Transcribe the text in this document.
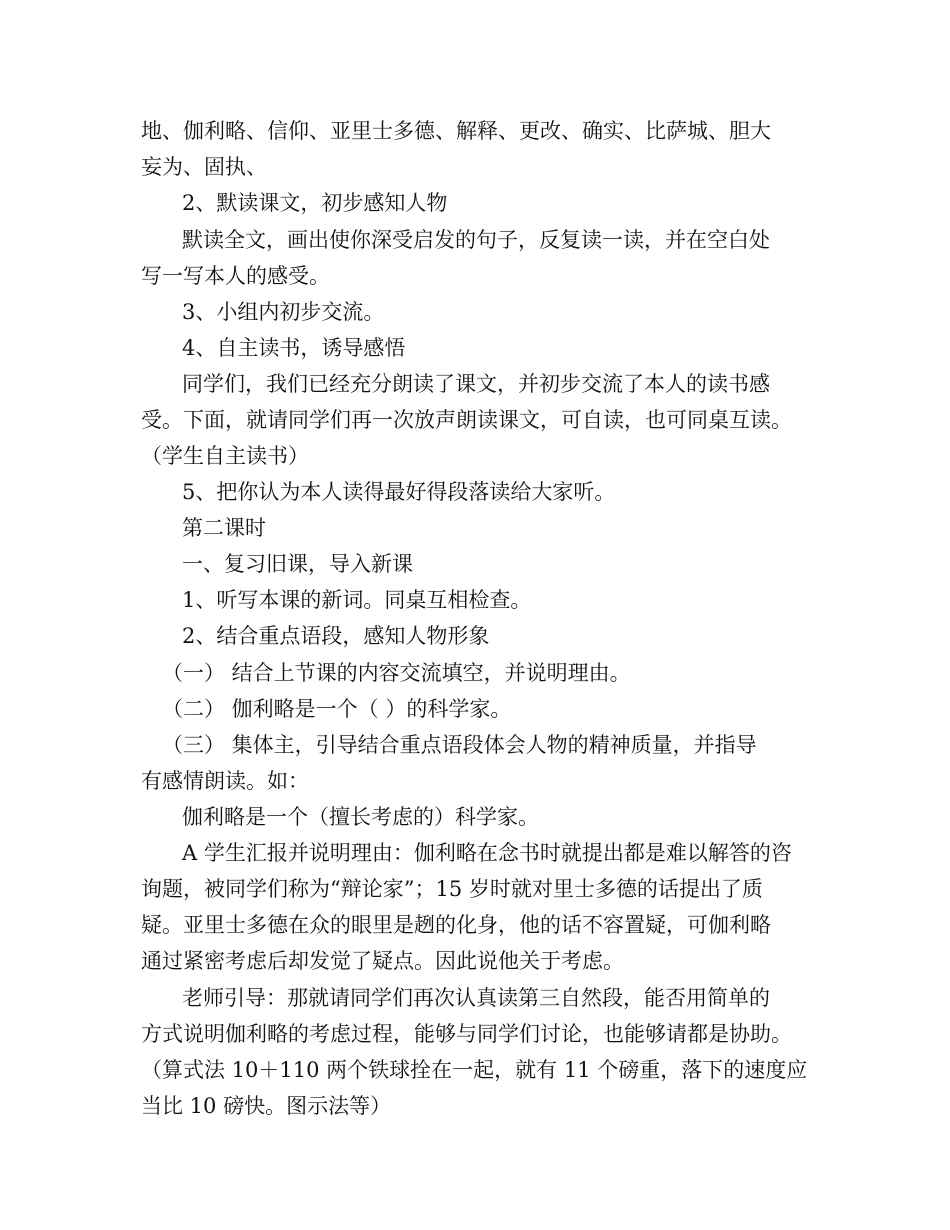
地、伽利略、信仰、亚里士多德、解释、更改、确实、比萨城、胆大
妄为、固执、
2、默读课文，初步感知人物
默读全文，画出使你深受启发的句子，反复读一读，并在空白处
写一写本人的感受。
3、小组内初步交流。
4、自主读书，诱导感悟
同学们，我们已经充分朗读了课文，并初步交流了本人的读书感
受。下面，就请同学们再一次放声朗读课文，可自读，也可同桌互读。
（学生自主读书）
5、把你认为本人读得最好得段落读给大家听。
第二课时
一、复习旧课，导入新课
1、听写本课的新词。同桌互相检查。
2、结合重点语段，感知人物形象
（一） 结合上节课的内容交流填空，并说明理由。
（二） 伽利略是一个（ ）的科学家。
（三） 集体主，引导结合重点语段体会人物的精神质量，并指导
有感情朗读。如：
伽利略是一个（擅长考虑的）科学家。
A 学生汇报并说明理由：伽利略在念书时就提出都是难以解答的咨
询题，被同学们称为“辩论家”；15 岁时就对里士多德的话提出了质
疑。亚里士多德在众的眼里是趔的化身，他的话不容置疑，可伽利略
通过紧密考虑后却发觉了疑点。因此说他关于考虑。
老师引导：那就请同学们再次认真读第三自然段，能否用简单的
方式说明伽利略的考虑过程，能够与同学们讨论，也能够请都是协助。
（算式法 10＋110 两个铁球拴在一起，就有 11 个磅重，落下的速度应
当比 10 磅快。图示法等）
